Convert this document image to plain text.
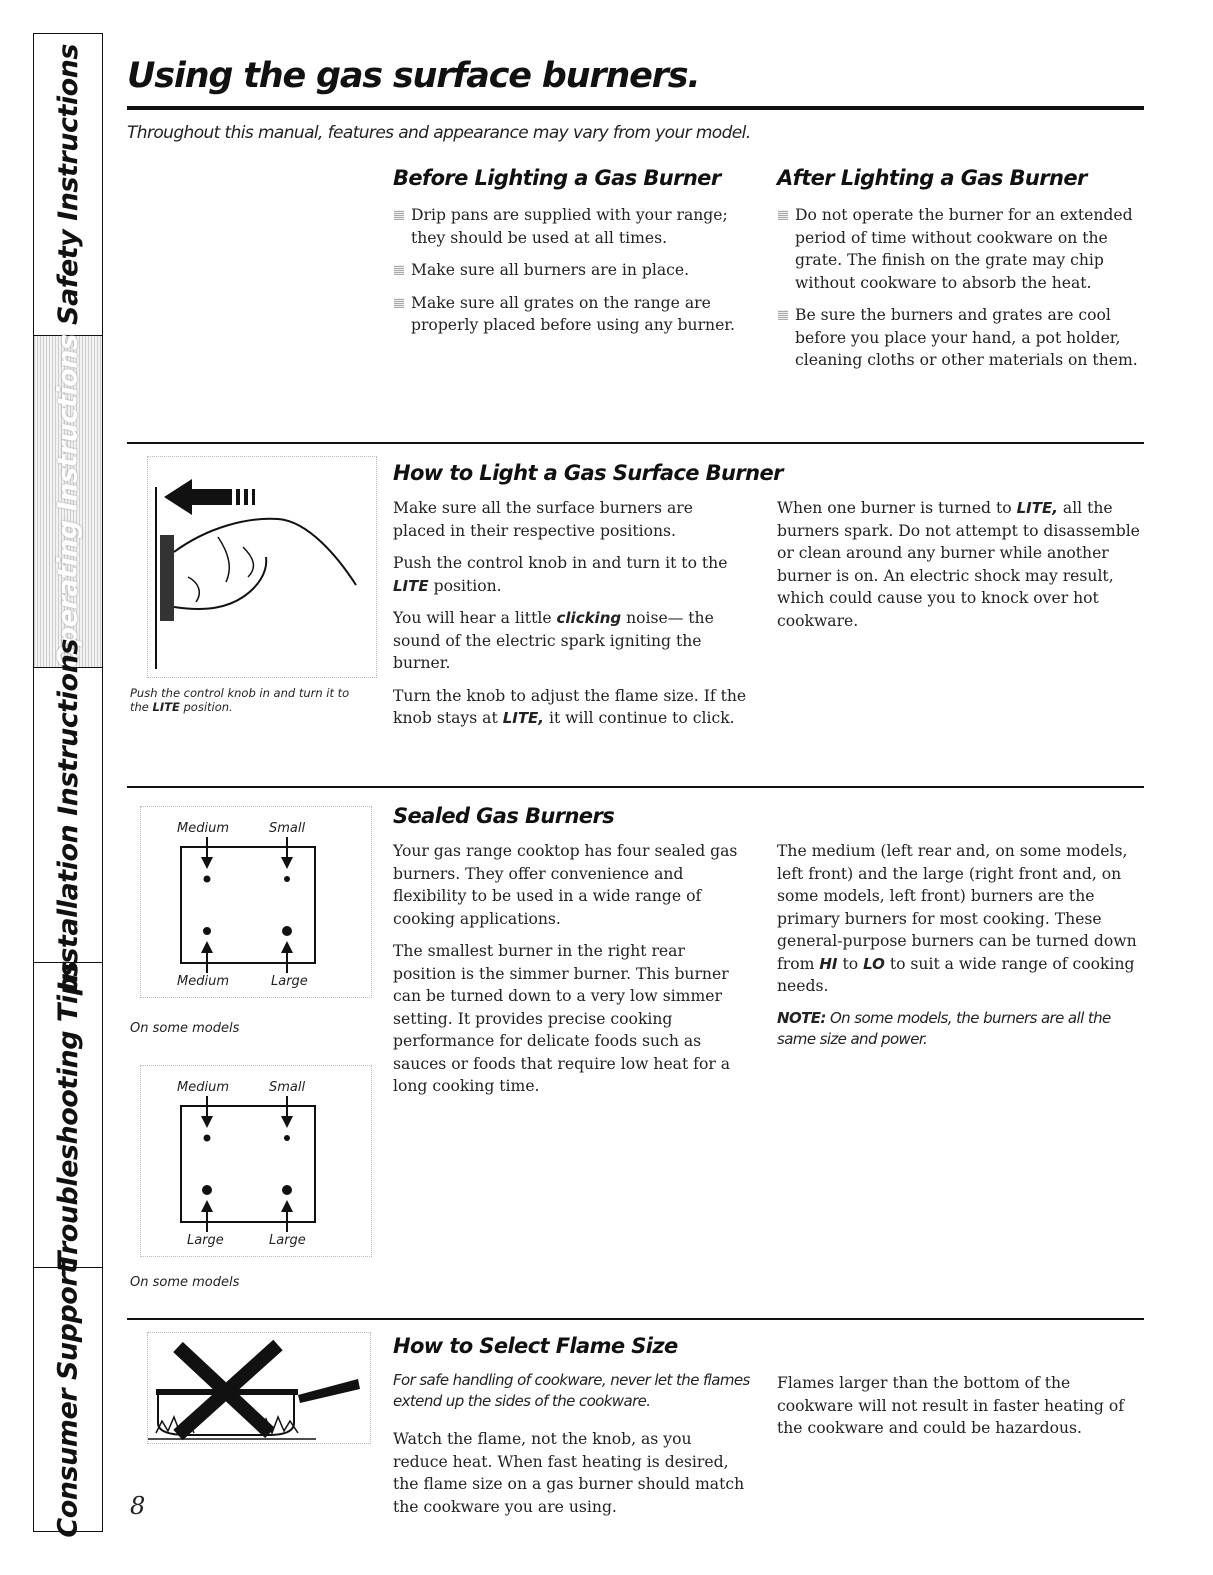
Safety Instructions
Operating Instructions
Installation Instructions
Troubleshooting Tips
Consumer Support
Using the gas surface burners.
Throughout this manual, features and appearance may vary from your model.
Before Lighting a Gas Burner
Drip pans are supplied with your range; they should be used at all times.
Make sure all burners are in place.
Make sure all grates on the range are properly placed before using any burner.
After Lighting a Gas Burner
Do not operate the burner for an extended period of time without cookware on the grate. The finish on the grate may chip without cookware to absorb the heat.
Be sure the burners and grates are cool before you place your hand, a pot holder, cleaning cloths or other materials on them.
Push the control knob in and turn it to the LITE position.
How to Light a Gas Surface Burner

Make sure all the surface burners are placed in their respective positions.

Push the control knob in and turn it to the LITE position.

You will hear a little clicking noise— the sound of the electric spark igniting the burner.

Turn the knob to adjust the flame size. If the knob stays at LITE, it will continue to click.

When one burner is turned to LITE, all the burners spark. Do not attempt to disassemble or clean around any burner while another burner is on. An electric shock may result, which could cause you to knock over hot cookware.

Medium	Small
Medium	Large
On some models
Medium	Small
Large	Large
On some models
Sealed Gas Burners

Your gas range cooktop has four sealed gas burners. They offer convenience and flexibility to be used in a wide range of cooking applications.

The smallest burner in the right rear position is the simmer burner. This burner can be turned down to a very low simmer setting. It provides precise cooking performance for delicate foods such as sauces or foods that require low heat for a long cooking time.

The medium (left rear and, on some models, left front) and the large (right front and, on some models, left front) burners are the primary burners for most cooking. These general-purpose burners can be turned down from HI to LO to suit a wide range of cooking needs.

NOTE: On some models, the burners are all the same size and power.
How to Select Flame Size
For safe handling of cookware, never let the flames extend up the sides of the cookware.

Watch the flame, not the knob, as you reduce heat. When fast heating is desired, the flame size on a gas burner should match the cookware you are using.

Flames larger than the bottom of the cookware will not result in faster heating of the cookware and could be hazardous.

8
